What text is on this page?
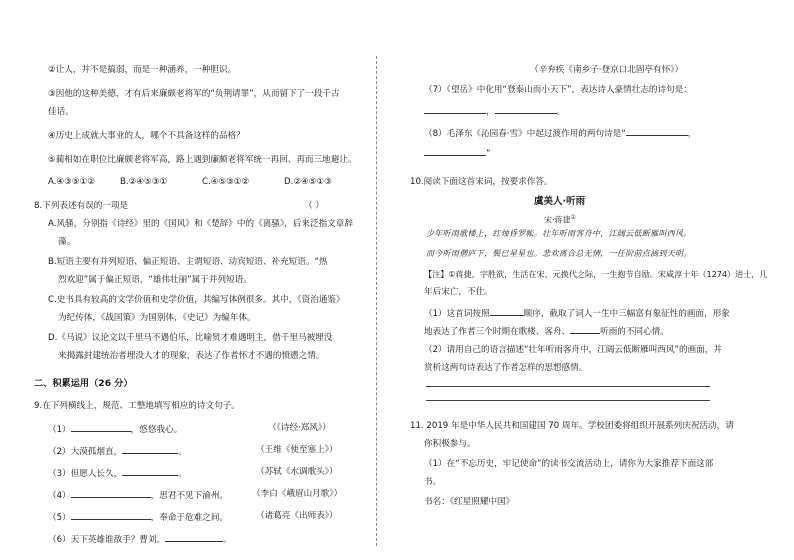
②让人，并不是搞弱，而是一种涵养，一种胆识。
③因他的这种美德，才有后来廉颇老将军的“负荆请罪”，从而留下了一段千古
佳话。
④历史上成就大事业的人，哪个不具备这样的品格？
⑤蔺相如在职位比廉颇老将军高，路上遇到廉颇老将军统一再回、再而三地避让。
A.④③⑤①②	B.②④⑤③①	C.④⑤③①②	D.②④⑤①③
8.下列表述有误的一项是	（ ）
A.风骚，分别指《诗经》里的《国风》和《楚辞》中的《离骚》，后来泛指文章辞
藻。
B.短语主要有并列短语、偏正短语、主谓短语、动宾短语、补充短语。“热
烈欢迎”属于偏正短语，“雄伟壮丽”属于并列短语。
C.史书具有较高的文学价值和史学价值，其编写体例很多。其中，《资治通鉴》
为纪传体，《战国策》为国别体，《史记》为编年体。
D.《马说》议论文以千里马不遇伯乐，比喻贤才难遇明主，借千里马被埋没
来揭露封建统治者埋没人才的现象，表达了作者怀才不遇的愤懑之情。
二、积累运用（26 分）
9.在下列横线上，规范、工整地填写相应的诗文句子。
（1）	，悠悠我心。	（《诗经·郑风》）
（2）大漠孤烟直，	。	（王维《使至塞上》）
（3）但愿人长久，	。	（苏轼《水调歌头》）
（4）	，思君不见下渝州。	（李白《峨眉山月歌》）
（5）	，奉命于危难之间。	（诸葛亮《出师表》）
（6）天下英雄谁敌手？曹刘。	。
（辛弃疾《南乡子·登京口北固亭有怀》）
（7）《望岳》中化用“登泰山而小天下”，表达诗人豪情壮志的诗句是：
，	。
（8）毛泽东《沁园春·雪》中起过渡作用的两句诗是“	，
”
10.阅读下面这首宋词，按要求作答。
虞美人·听雨
宋·蒋捷①
少年听雨歌楼上，红烛昏罗帐。壮年听雨客舟中，江阔云低断雁叫西风。
而今听雨僧庐下，鬓已星星也。悲欢离合总无情，一任阶前点滴到天明。
【注】①蒋捷，字胜欲，生活在宋、元换代之际，一生抱节自励。宋咸淳十年（1274）进士，几
年后宋亡，不仕。
（1）这首词按照	顺序，截取了词人一生中三幅富有象征性的画面，形象
地表达了作者三个时期在歌楼、客舟、	听雨的不同心情。
（2）请用自己的语言描述“壮年听雨客舟中，江阔云低断雁叫西风”的画面，并
赏析这两句诗表达了作者怎样的思想感情。
11. 2019 年是中华人民共和国建国 70 周年。学校团委将组织开展系列庆祝活动，请
你积极参与。
（1）在“不忘历史，牢记使命”的读书交流活动上，请你为大家推荐下面这部
书。
书名：《红星照耀中国》
